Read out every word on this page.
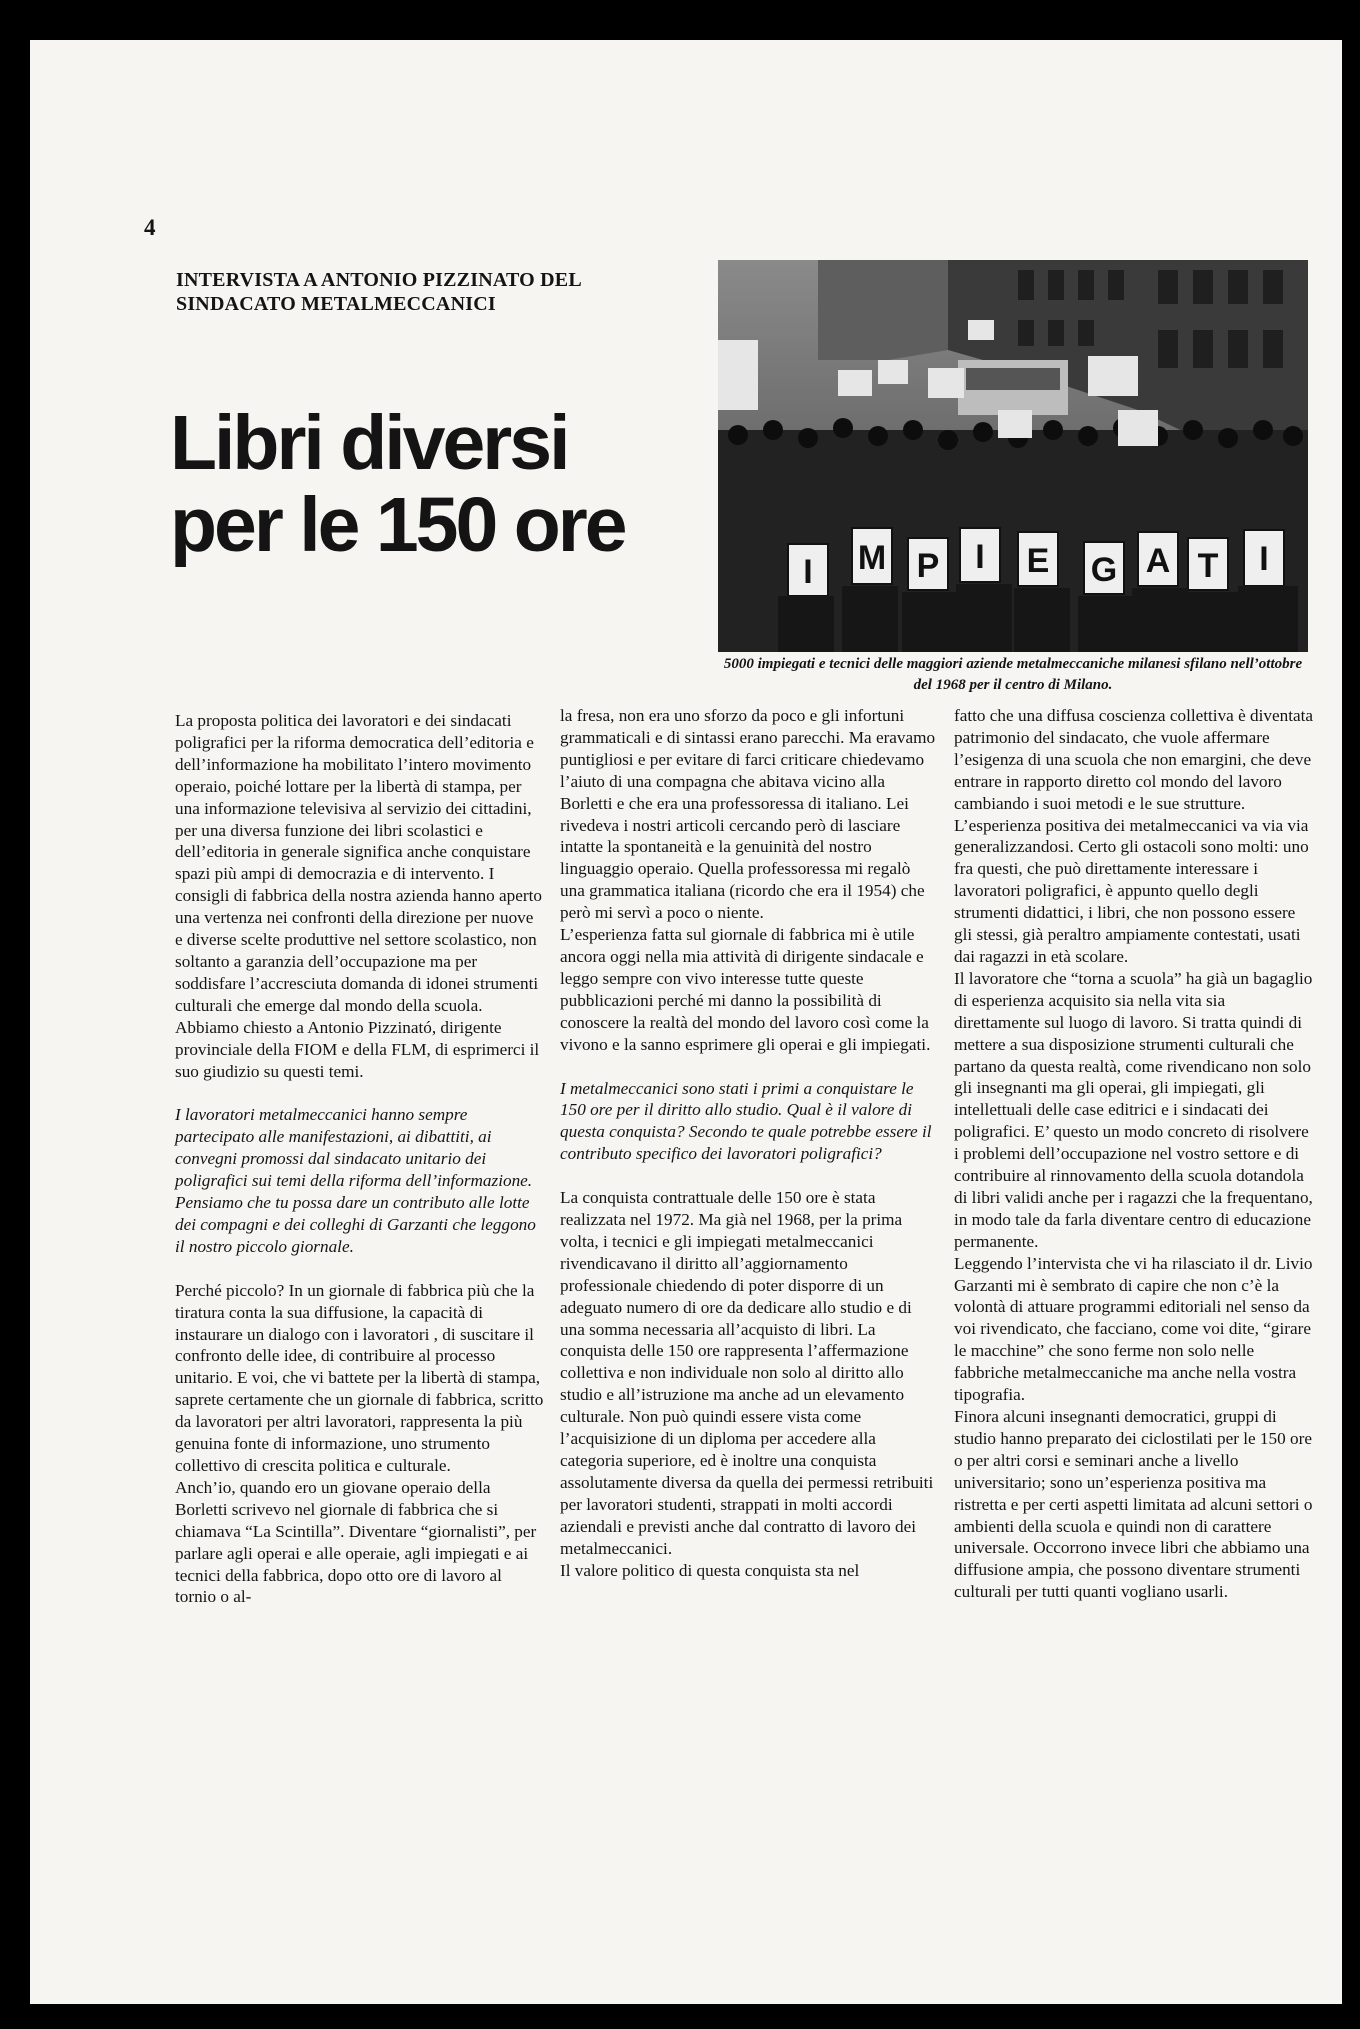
4
INTERVISTA A ANTONIO PIZZINATO DEL SINDACATO METALMECCANICI
Libri diversi per le 150 ore
I M P I E G A T I
5000 impiegati e tecnici delle maggiori aziende metalmeccaniche milanesi sfilano nell’ottobre del 1968 per il centro di Milano.

La proposta politica dei lavoratori e dei sindacati poligrafici per la riforma democratica dell’editoria e dell’informazione ha mobilitato l’intero movimento operaio, poiché lottare per la libertà di stampa, per una informazione televisiva al servizio dei cittadini, per una diversa funzione dei libri scolastici e dell’editoria in generale significa anche conquistare spazi più ampi di democrazia e di intervento. I consigli di fabbrica della nostra azienda hanno aperto una vertenza nei confronti della direzione per nuove e diverse scelte produttive nel settore scolastico, non soltanto a garanzia dell’occupazione ma per soddisfare l’accresciuta domanda di idonei strumenti culturali che emerge dal mondo della scuola.

Abbiamo chiesto a Antonio Pizzinató, dirigente provinciale della FIOM e della FLM, di esprimerci il suo giudizio su questi temi.

I lavoratori metalmeccanici hanno sempre partecipato alle manifestazioni, ai dibattiti, ai convegni promossi dal sindacato unitario dei poligrafici sui temi della riforma dell’informazione. Pensiamo che tu possa dare un contributo alle lotte dei compagni e dei colleghi di Garzanti che leggono il nostro piccolo giornale.

Perché piccolo? In un giornale di fabbrica più che la tiratura conta la sua diffusione, la capacità di instaurare un dialogo con i lavoratori , di suscitare il confronto delle idee, di contribuire al processo unitario. E voi, che vi battete per la libertà di stampa, saprete certamente che un giornale di fabbrica, scritto da lavoratori per altri lavoratori, rappresenta la più genuina fonte di informazione, uno strumento collettivo di crescita politica e culturale.

Anch’io, quando ero un giovane operaio della Borletti scrivevo nel giornale di fabbrica che si chiamava “La Scintilla”. Diventare “giornalisti”, per parlare agli operai e alle operaie, agli impiegati e ai tecnici della fabbrica, dopo otto ore di lavoro al tornio o al-

la fresa, non era uno sforzo da poco e gli infortuni grammaticali e di sintassi erano parecchi. Ma eravamo puntigliosi e per evitare di farci criticare chiedevamo l’aiuto di una compagna che abitava vicino alla Borletti e che era una professoressa di italiano. Lei rivedeva i nostri articoli cercando però di lasciare intatte la spontaneità e la genuinità del nostro linguaggio operaio. Quella professoressa mi regalò una grammatica italiana (ricordo che era il 1954) che però mi servì a poco o niente.

L’esperienza fatta sul giornale di fabbrica mi è utile ancora oggi nella mia attività di dirigente sindacale e leggo sempre con vivo interesse tutte queste pubblicazioni perché mi danno la possibilità di conoscere la realtà del mondo del lavoro così come la vivono e la sanno esprimere gli operai e gli impiegati.

I metalmeccanici sono stati i primi a conquistare le 150 ore per il diritto allo studio. Qual è il valore di questa conquista? Secondo te quale potrebbe essere il contributo specifico dei lavoratori poligrafici?

La conquista contrattuale delle 150 ore è stata realizzata nel 1972. Ma già nel 1968, per la prima volta, i tecnici e gli impiegati metalmeccanici rivendicavano il diritto all’aggiornamento professionale chiedendo di poter disporre di un adeguato numero di ore da dedicare allo studio e di una somma necessaria all’acquisto di libri. La conquista delle 150 ore rappresenta l’affermazione collettiva e non individuale non solo al diritto allo studio e all’istruzione ma anche ad un elevamento culturale. Non può quindi essere vista come l’acquisizione di un diploma per accedere alla categoria superiore, ed è inoltre una conquista assolutamente diversa da quella dei permessi retribuiti per lavoratori studenti, strappati in molti accordi aziendali e previsti anche dal contratto di lavoro dei metalmeccanici.

Il valore politico di questa conquista sta nel

fatto che una diffusa coscienza collettiva è diventata patrimonio del sindacato, che vuole affermare l’esigenza di una scuola che non emargini, che deve entrare in rapporto diretto col mondo del lavoro cambiando i suoi metodi e le sue strutture.

L’esperienza positiva dei metalmeccanici va via via generalizzandosi. Certo gli ostacoli sono molti: uno fra questi, che può direttamente interessare i lavoratori poligrafici, è appunto quello degli strumenti didattici, i libri, che non possono essere gli stessi, già peraltro ampiamente contestati, usati dai ragazzi in età scolare.

Il lavoratore che “torna a scuola” ha già un bagaglio di esperienza acquisito sia nella vita sia direttamente sul luogo di lavoro. Si tratta quindi di mettere a sua disposizione strumenti culturali che partano da questa realtà, come rivendicano non solo gli insegnanti ma gli operai, gli impiegati, gli intellettuali delle case editrici e i sindacati dei poligrafici. E’ questo un modo concreto di risolvere i problemi dell’occupazione nel vostro settore e di contribuire al rinnovamento della scuola dotandola di libri validi anche per i ragazzi che la frequentano, in modo tale da farla diventare centro di educazione permanente.

Leggendo l’intervista che vi ha rilasciato il dr. Livio Garzanti mi è sembrato di capire che non c’è la volontà di attuare programmi editoriali nel senso da voi rivendicato, che facciano, come voi dite, “girare le macchine” che sono ferme non solo nelle fabbriche metalmeccaniche ma anche nella vostra tipografia.

Finora alcuni insegnanti democratici, gruppi di studio hanno preparato dei ciclostilati per le 150 ore o per altri corsi e seminari anche a livello universitario; sono un’esperienza positiva ma ristretta e per certi aspetti limitata ad alcuni settori o ambienti della scuola e quindi non di carattere universale. Occorrono invece libri che abbiamo una diffusione ampia, che possono diventare strumenti culturali per tutti quanti vogliano usarli.
